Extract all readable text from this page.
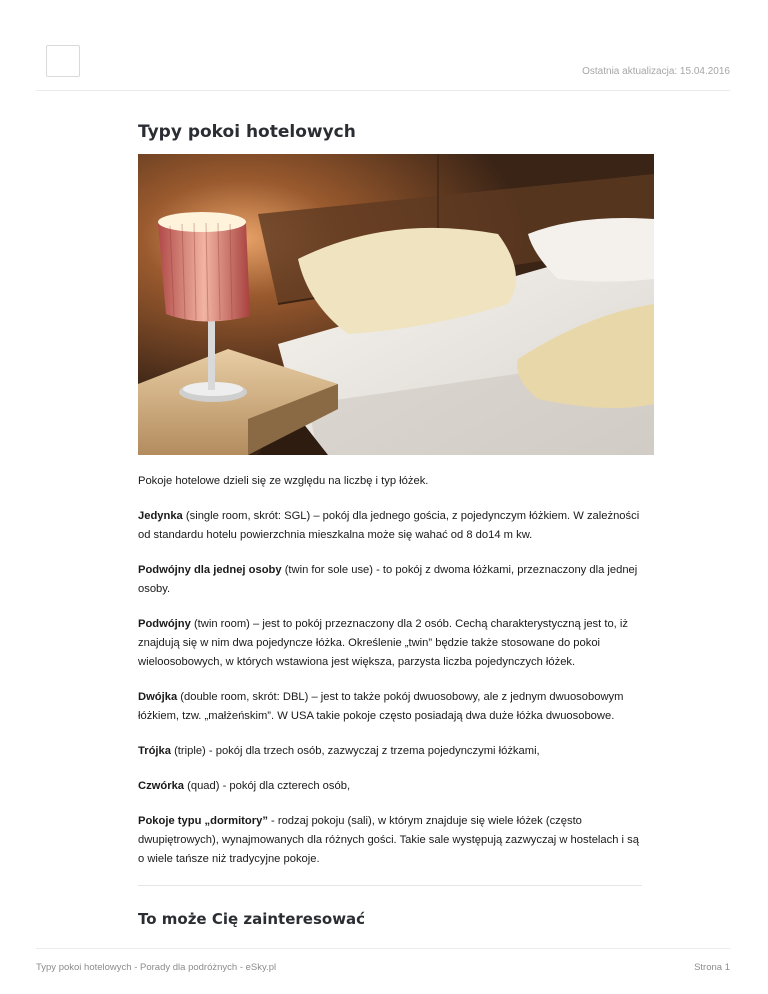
Ostatnia aktualizacja: 15.04.2016
Typy pokoi hotelowych

Pokoje hotelowe dzieli się ze względu na liczbę i typ łóżek.

Jedynka (single room, skrót: SGL) – pokój dla jednego gościa, z pojedynczym łóżkiem. W zależności od standardu hotelu powierzchnia mieszkalna może się wahać od 8 do14 m kw.

Podwójny dla jednej osoby (twin for sole use) - to pokój z dwoma łóżkami, przeznaczony dla jednej osoby.

Podwójny (twin room) – jest to pokój przeznaczony dla 2 osób. Cechą charakterystyczną jest to, iż znajdują się w nim dwa pojedyncze łóżka. Określenie „twin” będzie także stosowane do pokoi wieloosobowych, w których wstawiona jest większa, parzysta liczba pojedynczych łóżek.

Dwójka (double room, skrót: DBL) – jest to także pokój dwuosobowy, ale z jednym dwuosobowym łóżkiem, tzw. „małżeńskim”. W USA takie pokoje często posiadają dwa duże łóżka dwuosobowe.

Trójka (triple) - pokój dla trzech osób, zazwyczaj z trzema pojedynczymi łóżkami,

Czwórka (quad) - pokój dla czterech osób,

Pokoje typu „dormitory” - rodzaj pokoju (sali), w którym znajduje się wiele łóżek (często dwupiętrowych), wynajmowanych dla różnych gości. Takie sale występują zazwyczaj w hostelach i są o wiele tańsze niż tradycyjne pokoje.

To może Cię zainteresować
Typy pokoi hotelowych - Porady dla podróżnych - eSky.pl	Strona 1
